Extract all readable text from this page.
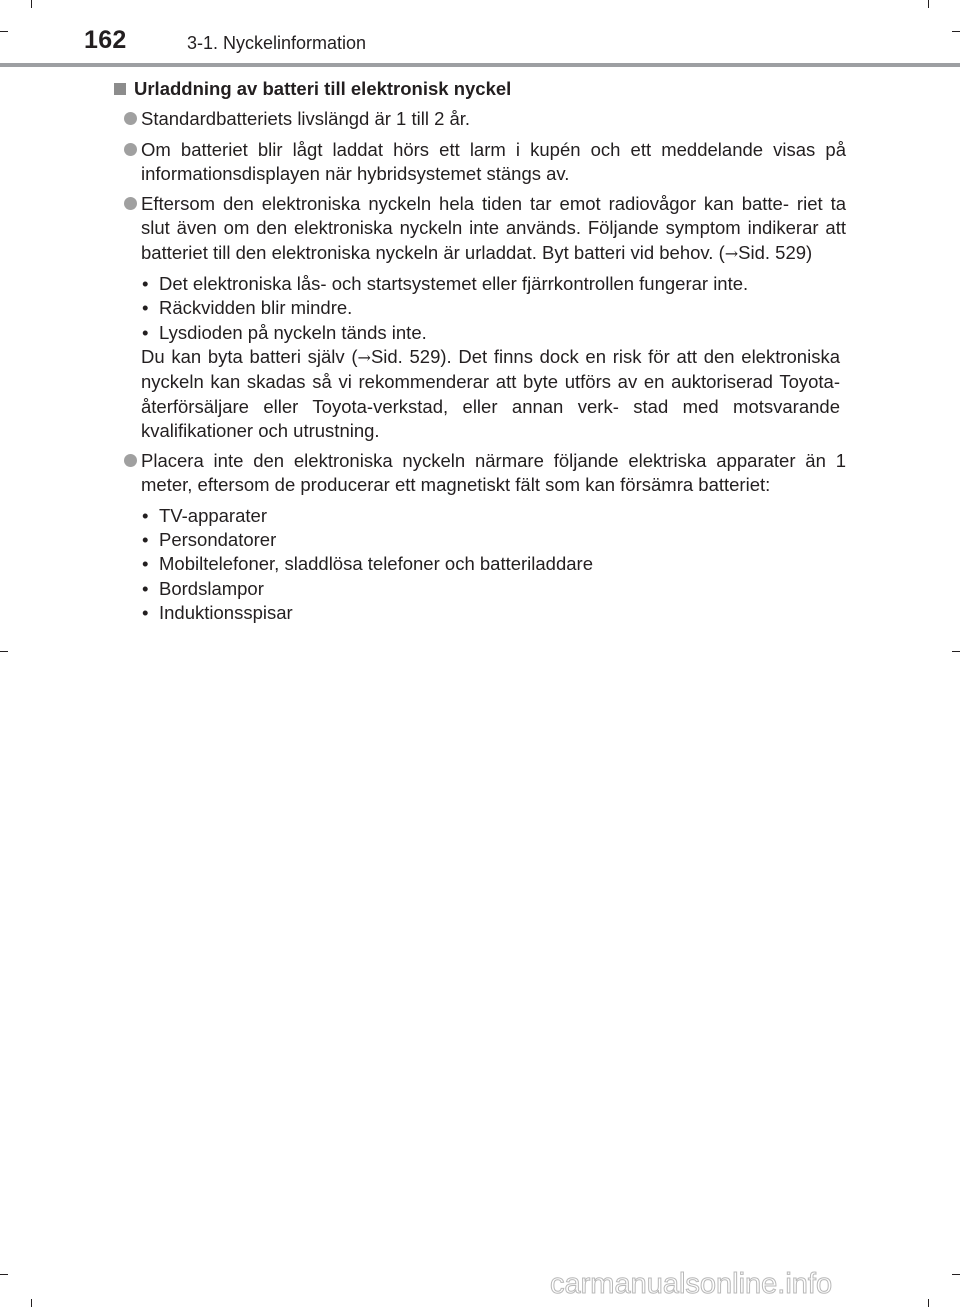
162	3-1. Nyckelinformation
Urladdning av batteri till elektronisk nyckel
Standardbatteriets livslängd är 1 till 2 år.
Om batteriet blir lågt laddat hörs ett larm i kupén och ett meddelande visas på informationsdisplayen när hybridsystemet stängs av.
Eftersom den elektroniska nyckeln hela tiden tar emot radiovågor kan batte- riet ta slut även om den elektroniska nyckeln inte används. Följande symptom indikerar att batteriet till den elektroniska nyckeln är urladdat. Byt batteri vid behov. (→Sid. 529)
• Det elektroniska lås- och startsystemet eller fjärrkontrollen fungerar inte.
• Räckvidden blir mindre.
• Lysdioden på nyckeln tänds inte.
Du kan byta batteri själv (→Sid. 529). Det finns dock en risk för att den elektroniska nyckeln kan skadas så vi rekommenderar att byte utförs av en auktoriserad Toyota-återförsäljare eller Toyota-verkstad, eller annan verk- stad med motsvarande kvalifikationer och utrustning.
Placera inte den elektroniska nyckeln närmare följande elektriska apparater än 1 meter, eftersom de producerar ett magnetiskt fält som kan försämra batteriet:
• TV-apparater
• Persondatorer
• Mobiltelefoner, sladdlösa telefoner och batteriladdare
• Bordslampor
• Induktionsspisar
carmanualsonline.info
